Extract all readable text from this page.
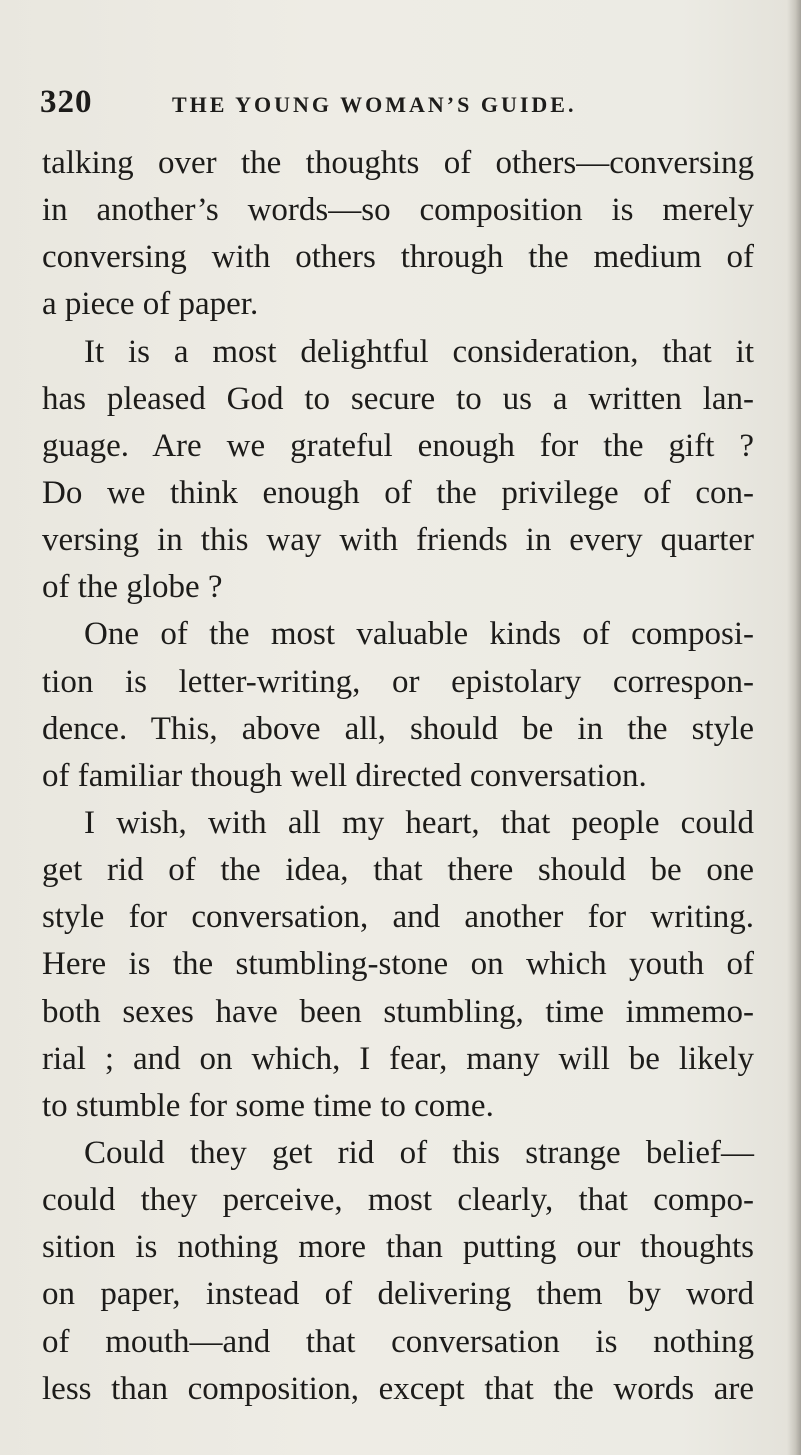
320	THE YOUNG WOMAN’S GUIDE.
talking over the thoughts of others—conversing
in another’s words—so composition is merely
conversing with others through the medium of
a piece of paper.
It is a most delightful consideration, that it
has pleased God to secure to us a written lan-
guage. Are we grateful enough for the gift ?
Do we think enough of the privilege of con-
versing in this way with friends in every quarter
of the globe ?
One of the most valuable kinds of composi-
tion is letter-writing, or epistolary correspon-
dence. This, above all, should be in the style
of familiar though well directed conversation.
I wish, with all my heart, that people could
get rid of the idea, that there should be one
style for conversation, and another for writing.
Here is the stumbling-stone on which youth of
both sexes have been stumbling, time immemo-
rial ; and on which, I fear, many will be likely
to stumble for some time to come.
Could they get rid of this strange belief—
could they perceive, most clearly, that compo-
sition is nothing more than putting our thoughts
on paper, instead of delivering them by word
of mouth—and that conversation is nothing
less than composition, except that the words are
